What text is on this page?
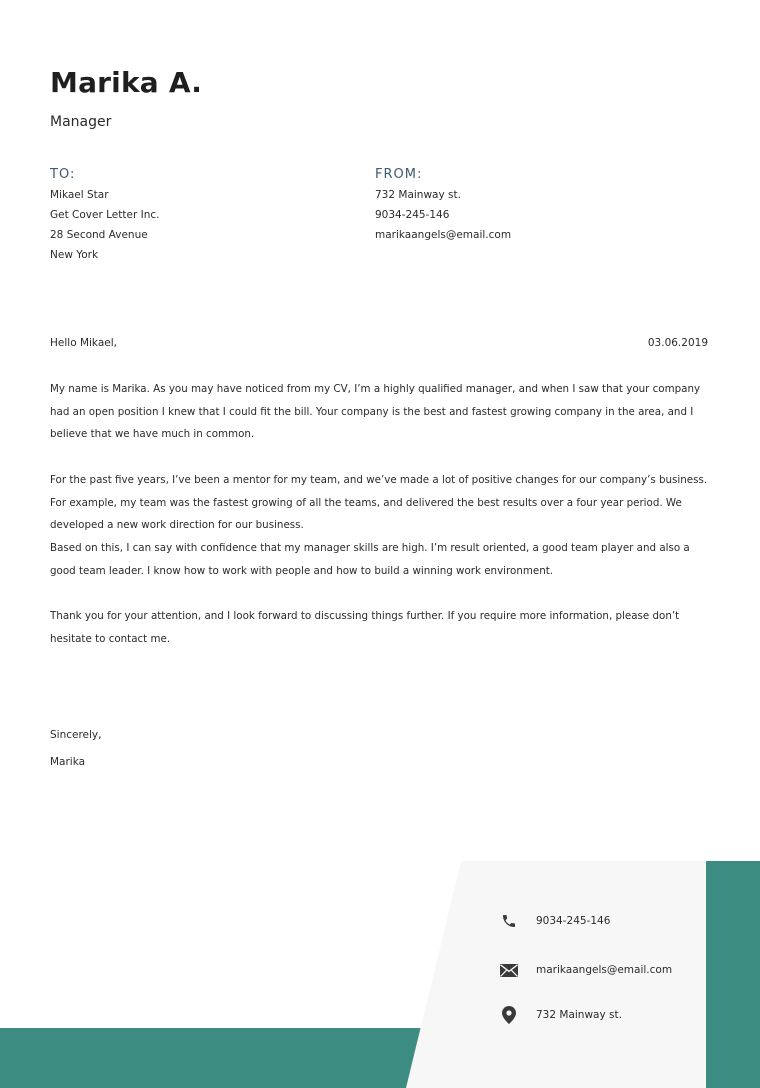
Marika A.
Manager
TO:
Mikael Star
Get Cover Letter Inc.
28 Second Avenue
New York
FROM:
732 Mainway st.
9034-245-146
marikaangels@email.com
Hello Mikael,	03.06.2019

My name is Marika. As you may have noticed from my CV, I’m a highly qualified manager, and when I saw that your company had an open position I knew that I could fit the bill. Your company is the best and fastest growing company in the area, and I believe that we have much in common.

For the past five years, I’ve been a mentor for my team, and we’ve made a lot of positive changes for our company’s business. For example, my team was the fastest growing of all the teams, and delivered the best results over a four year period. We developed a new work direction for our business.

Based on this, I can say with confidence that my manager skills are high. I’m result oriented, a good team player and also a good team leader. I know how to work with people and how to build a winning work environment.

Thank you for your attention, and I look forward to discussing things further. If you require more information, please don’t hesitate to contact me.

Sincerely,
Marika
9034-245-146
marikaangels@email.com
732 Mainway st.
